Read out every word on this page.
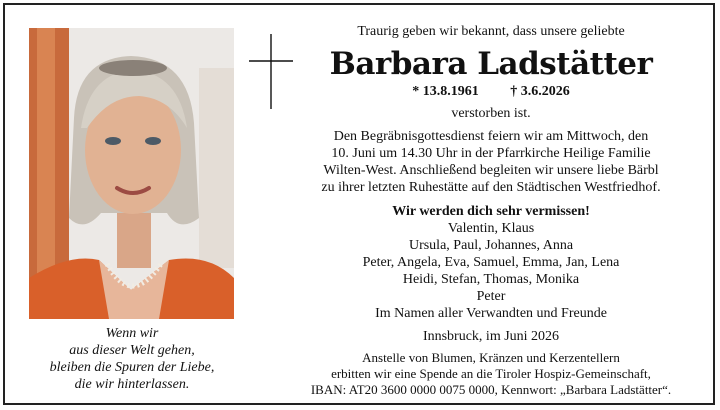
Wenn wir
aus dieser Welt gehen,
bleiben die Spuren der Liebe,
die wir hinterlassen.
Traurig geben wir bekannt, dass unsere geliebte
Barbara Ladstätter
* 13.8.1961 † 3.6.2026
verstorben ist.
Den Begräbnisgottesdienst feiern wir am Mittwoch, den
10. Juni um 14.30 Uhr in der Pfarrkirche Heilige Familie
Wilten-West. Anschließend begleiten wir unsere liebe Bärbl
zu ihrer letzten Ruhestätte auf den Städtischen Westfriedhof.
Wir werden dich sehr vermissen!
Valentin, Klaus
Ursula, Paul, Johannes, Anna
Peter, Angela, Eva, Samuel, Emma, Jan, Lena
Heidi, Stefan, Thomas, Monika
Peter
Im Namen aller Verwandten und Freunde
Innsbruck, im Juni 2026
Anstelle von Blumen, Kränzen und Kerzentellern
erbitten wir eine Spende an die Tiroler Hospiz-Gemeinschaft,
IBAN: AT20 3600 0000 0075 0000, Kennwort: „Barbara Ladstätter“.
